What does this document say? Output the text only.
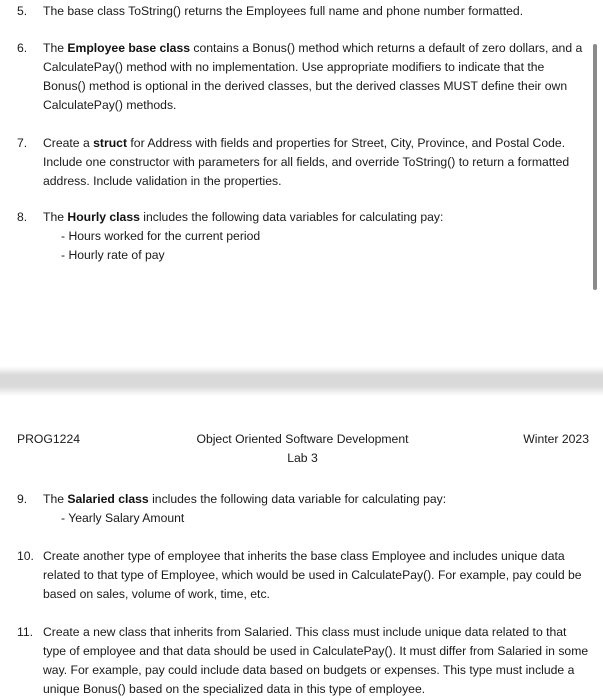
5. The base class ToString() returns the Employees full name and phone number formatted.
6. The Employee base class contains a Bonus() method which returns a default of zero dollars, and a CalculatePay() method with no implementation. Use appropriate modifiers to indicate that the Bonus() method is optional in the derived classes, but the derived classes MUST define their own CalculatePay() methods.
7. Create a struct for Address with fields and properties for Street, City, Province, and Postal Code. Include one constructor with parameters for all fields, and override ToString() to return a formatted address. Include validation in the properties.
8. The Hourly class includes the following data variables for calculating pay:
- Hours worked for the current period
- Hourly rate of pay
PROG1224	Object Oriented Software Development
Lab 3
Winter 2023
9. The Salaried class includes the following data variable for calculating pay:
- Yearly Salary Amount
10. Create another type of employee that inherits the base class Employee and includes unique data related to that type of Employee, which would be used in CalculatePay(). For example, pay could be based on sales, volume of work, time, etc.
11. Create a new class that inherits from Salaried. This class must include unique data related to that type of employee and that data should be used in CalculatePay(). It must differ from Salaried in some way. For example, pay could include data based on budgets or expenses. This type must include a unique Bonus() based on the specialized data in this type of employee.
